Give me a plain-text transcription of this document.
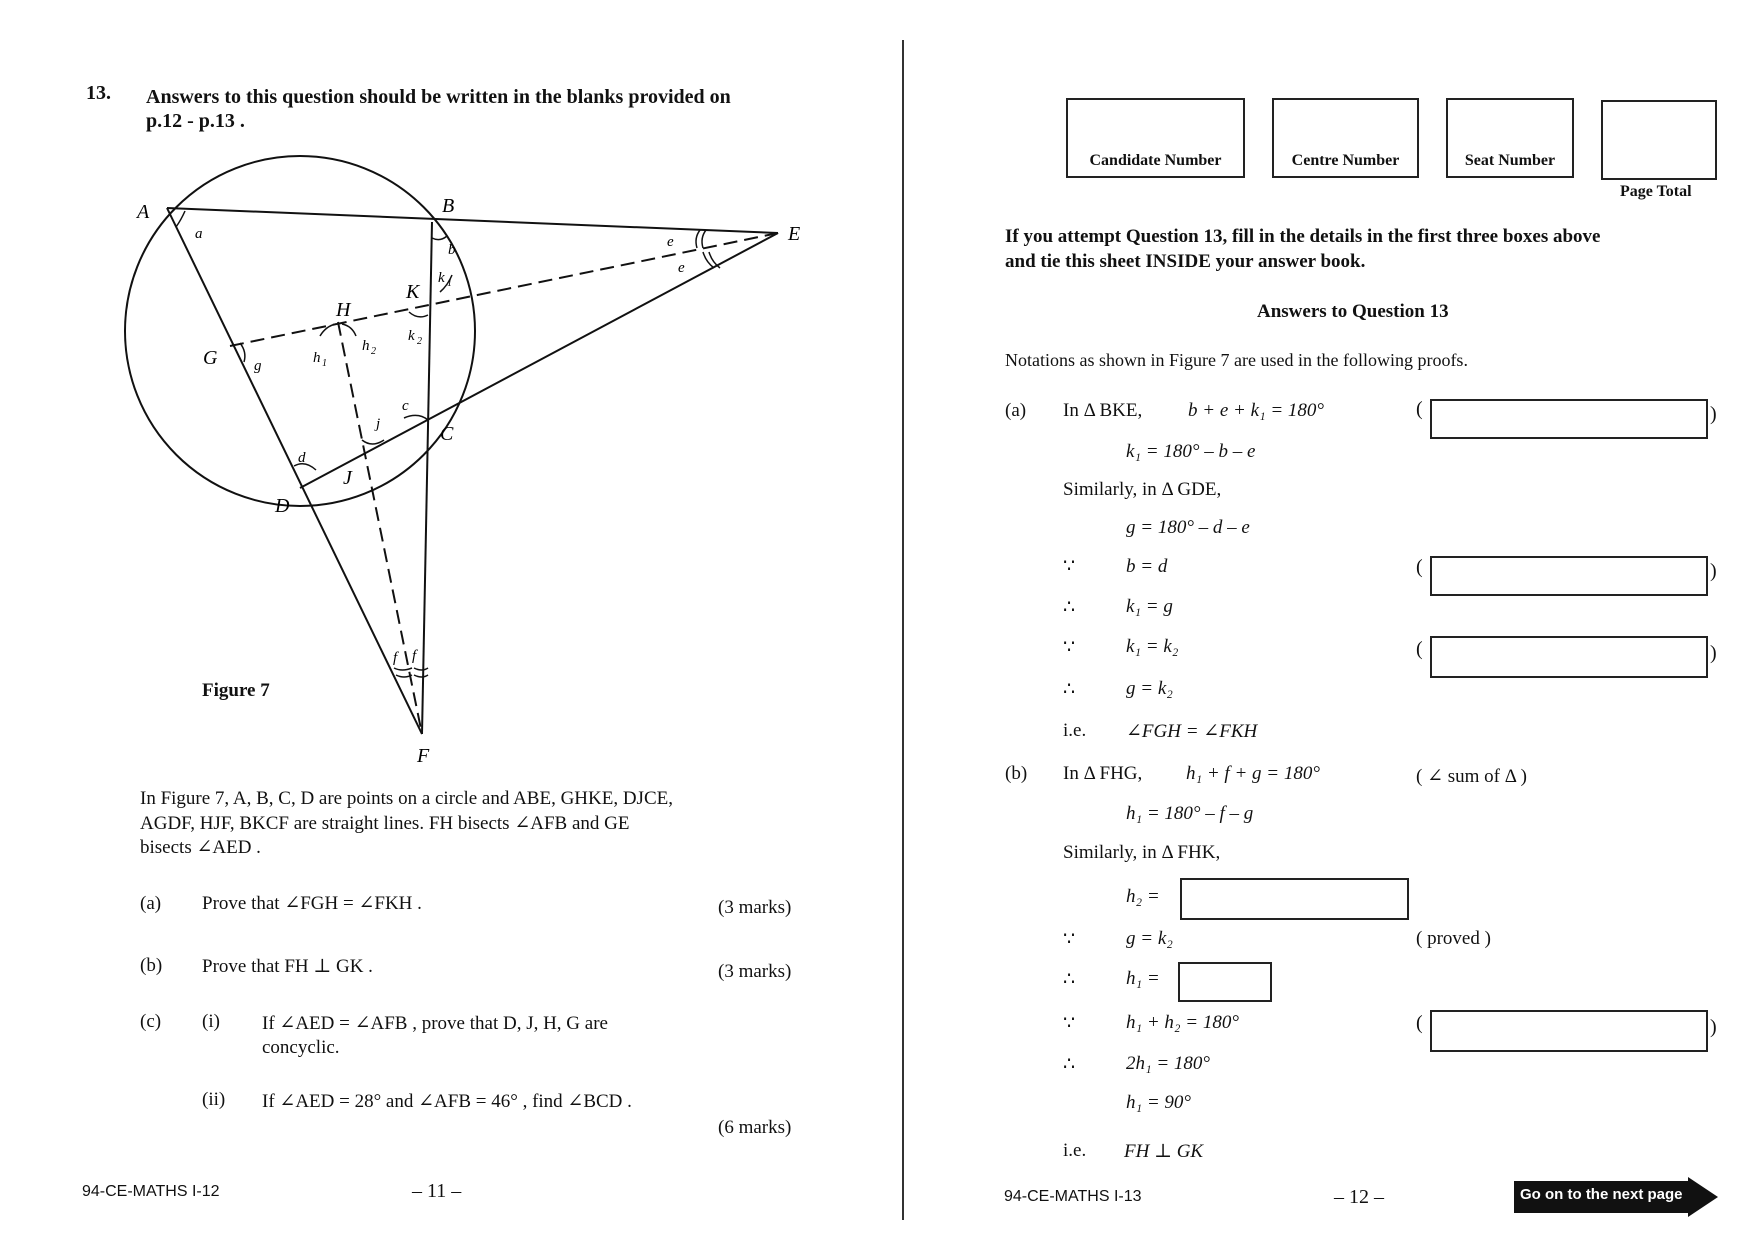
13. Answers to this question should be written in the blanks provided on
p.12 - p.13 .
A	B
E
H
K
G
C
J
D
F
a
b	e
e
k 1
k 2
g	h 1
h 2
c
j
d
f f
Figure 7
In Figure 7, A, B, C, D are points on a circle and ABE, GHKE, DJCE,
AGDF, HJF, BKCF are straight lines. FH bisects ∠AFB and GE
bisects ∠AED .
(a) Prove that ∠FGH = ∠FKH .	(3 marks)
(b) Prove that FH ⊥ GK .	(3 marks)
(c) (i) If ∠AED = ∠AFB , prove that D, J, H, G are
concyclic.
(ii) If ∠AED = 28° and ∠AFB = 46° , find ∠BCD .
(6 marks)
94-CE-MATHS I-12	– 11 –
Candidate Number	Centre Number	Seat Number
Page Total
If you attempt Question 13, fill in the details in the first three boxes above
and tie this sheet INSIDE your answer book.
Answers to Question 13
Notations as shown in Figure 7 are used in the following proofs.
(a) In Δ BKE, b + e + k₁ = 180°	(	)
k₁ = 180° – b – e
Similarly, in Δ GDE,
g = 180° – d – e
∵	b = d	(	)
∴	k₁ = g
∵	k₁ = k₂	(	)
∴	g = k₂
i.e. ∠FGH = ∠FKH
(b) In Δ FHG, h₁ + f + g = 180°	( ∠ sum of Δ )
h₁ = 180° – f – g
Similarly, in Δ FHK,
h₂ =
∵	g = k₂	( proved )
∴	h₁ =
∵	h₁ + h₂ = 180°	(	)
∴	2h₁ = 180°
h₁ = 90°
i.e. FH ⊥ GK
94-CE-MATHS I-13	– 12 –	Go on to the next page
